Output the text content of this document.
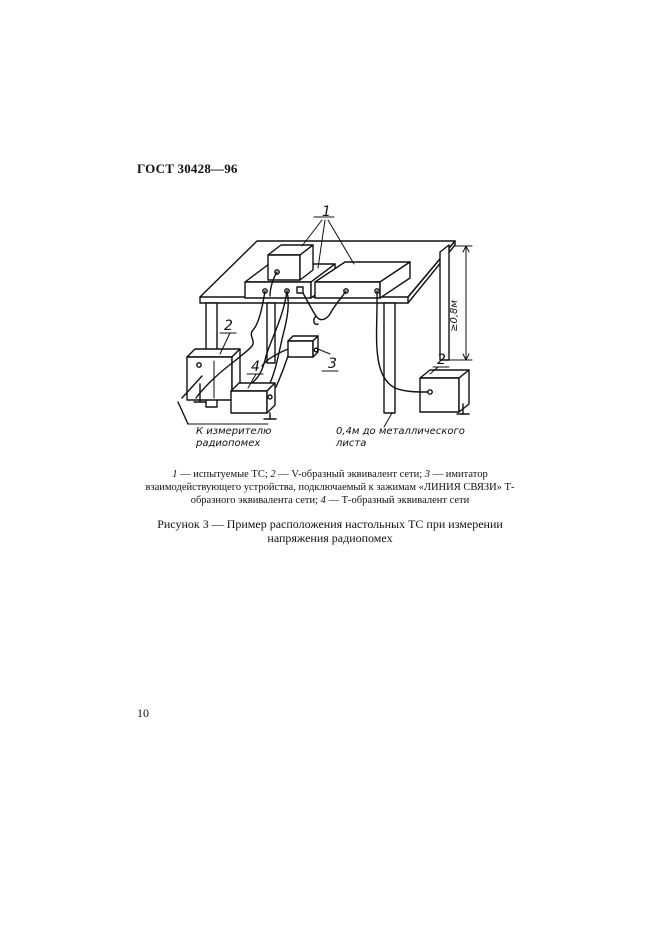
ГОСТ 30428—96
≥0,8м
1
2
4	3	2
К измерителю
радиопомех
0,4м до металлического
листа
1 — испытуемые ТС; 2 — V-образный эквивалент сети; 3 — имитатор взаимодействующего устройства, подключаемый к зажимам «ЛИНИЯ СВЯЗИ» Т-образного эквивалента сети; 4 — Т-образный эквивалент сети
Рисунок 3 — Пример расположения настольных ТС при измерении напряжения радиопомех
10
